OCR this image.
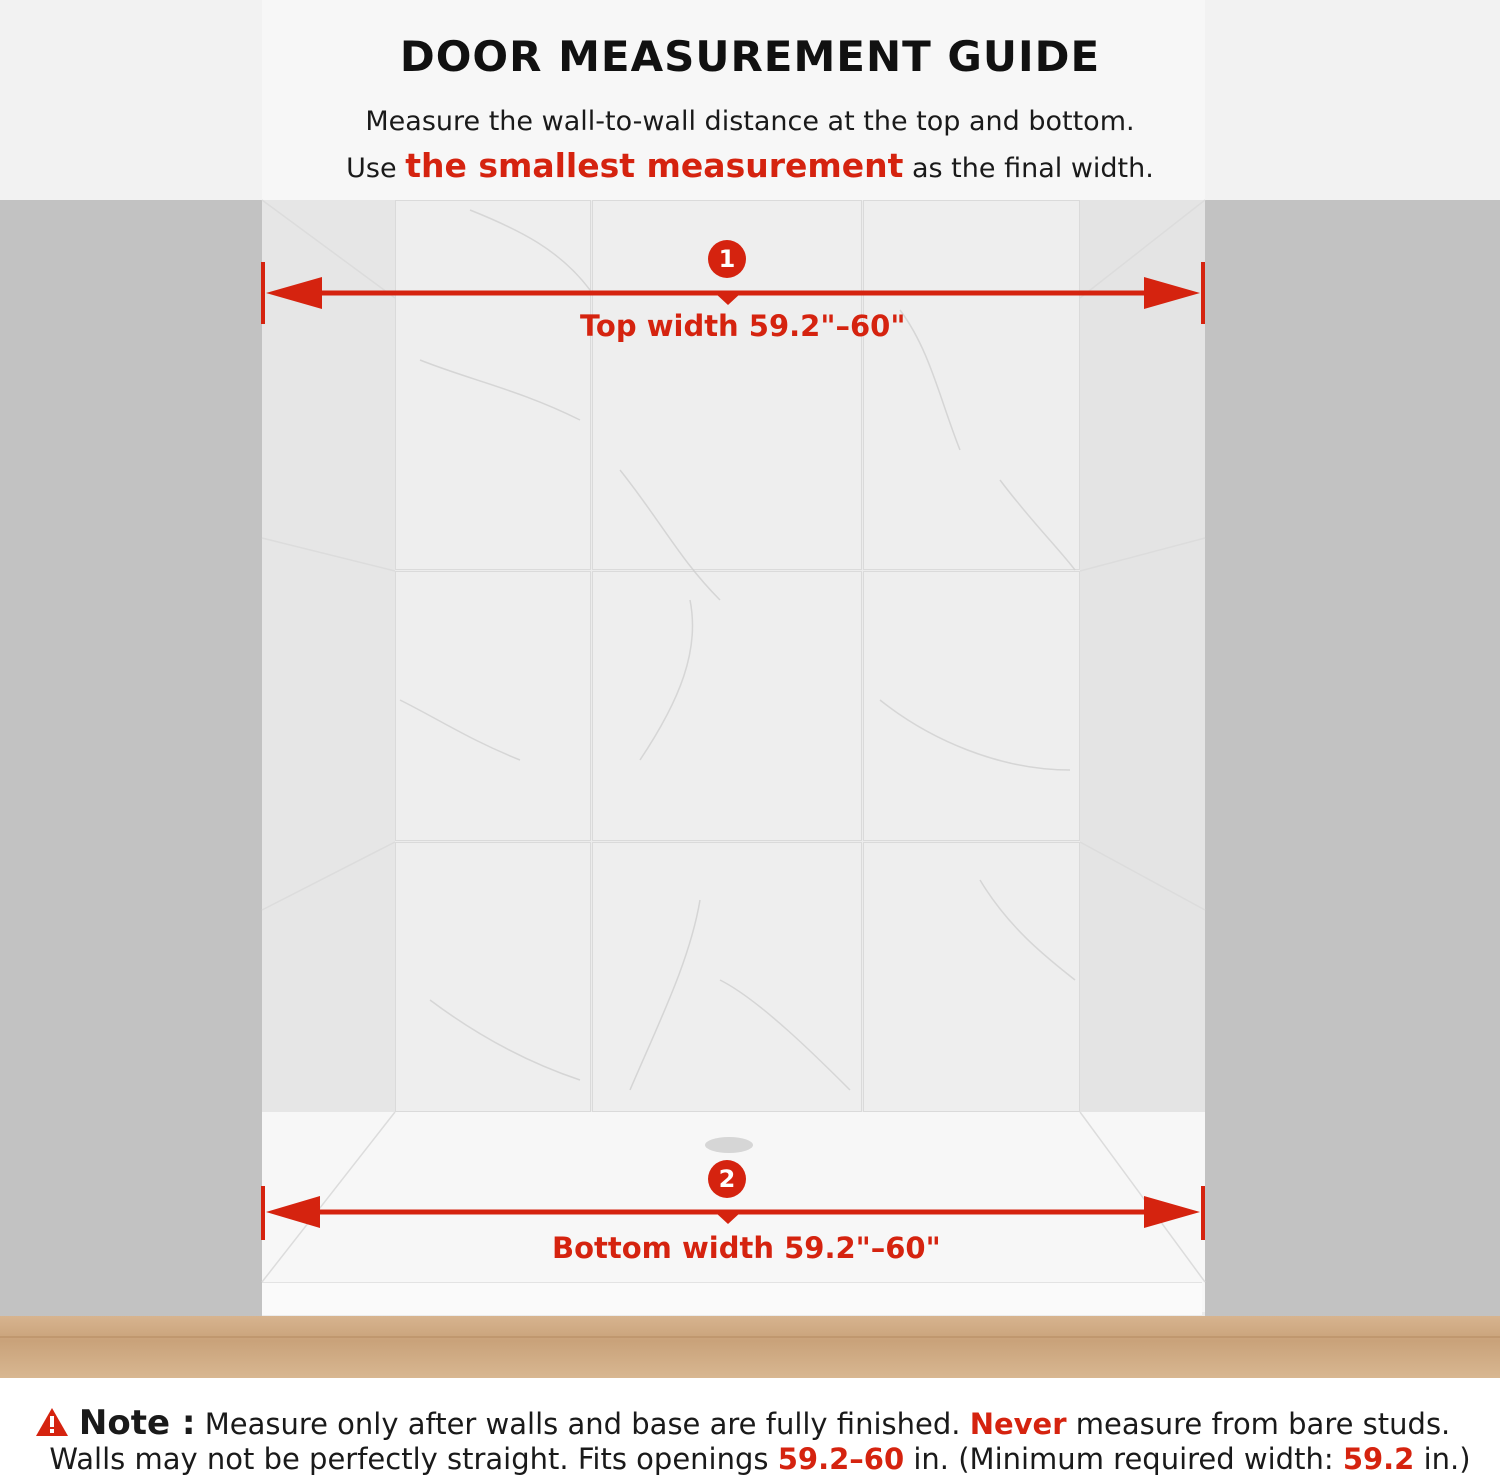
DOOR MEASUREMENT GUIDE
Measure the wall-to-wall distance at the top and bottom.
Use the smallest measurement as the final width.
1
Top width 59.2"–60"
2
Bottom width 59.2"–60"
Note : Measure only after walls and base are fully finished. Never measure from bare studs.
Walls may not be perfectly straight. Fits openings 59.2–60 in. (Minimum required width: 59.2 in.)
